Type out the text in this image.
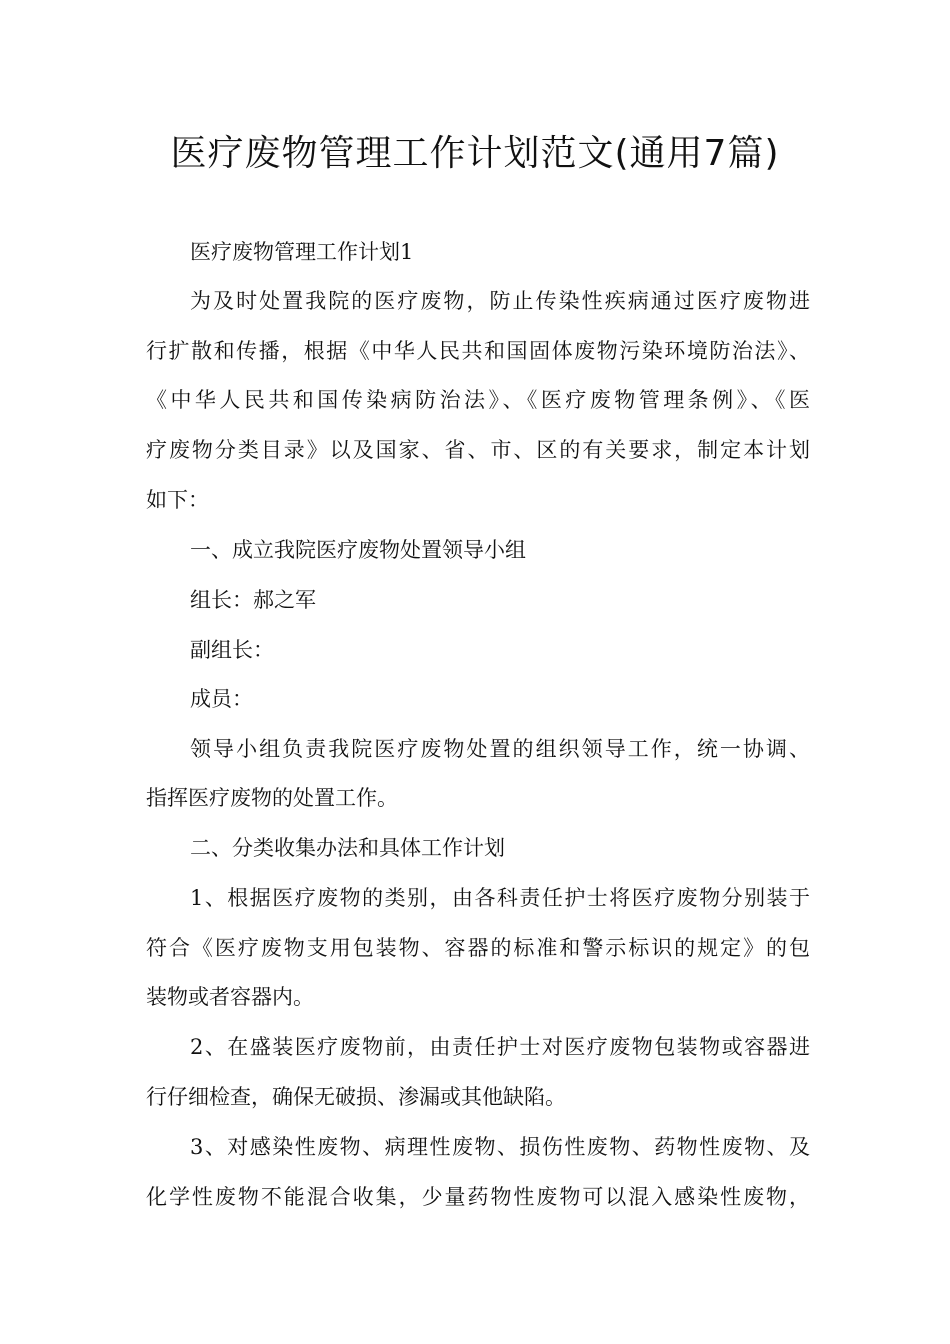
医疗废物管理工作计划范文(通用7篇)
医疗废物管理工作计划1
为及时处置我院的医疗废物，防止传染性疾病通过医疗废物进
行扩散和传播，根据《中华人民共和国固体废物污染环境防治法》、
《中华人民共和国传染病防治法》、《医疗废物管理条例》、《医
疗废物分类目录》以及国家、省、市、区的有关要求，制定本计划
如下：
一、成立我院医疗废物处置领导小组
组长：郝之军
副组长：
成员：
领导小组负责我院医疗废物处置的组织领导工作，统一协调、
指挥医疗废物的处置工作。
二、分类收集办法和具体工作计划
1、根据医疗废物的类别，由各科责任护士将医疗废物分别装于
符合《医疗废物支用包装物、容器的标准和警示标识的规定》的包
装物或者容器内。
2、在盛装医疗废物前，由责任护士对医疗废物包装物或容器进
行仔细检查，确保无破损、渗漏或其他缺陷。
3、对感染性废物、病理性废物、损伤性废物、药物性废物、及
化学性废物不能混合收集，少量药物性废物可以混入感染性废物，
